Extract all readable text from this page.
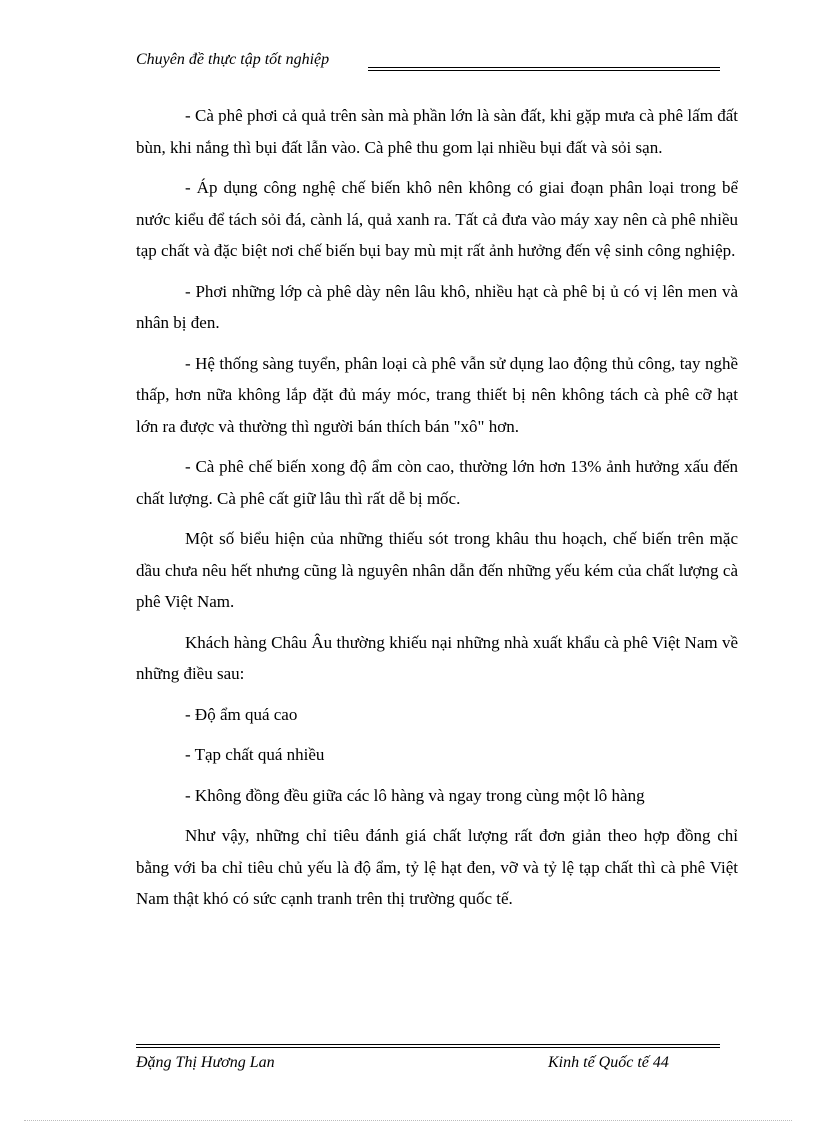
Chuyên đề thực tập tốt nghiệp

- Cà phê phơi cả quả trên sàn mà phần lớn là sàn đất, khi gặp mưa cà phê lấm đất bùn, khi nắng thì bụi đất lẫn vào. Cà phê thu gom lại nhiều bụi đất và sỏi sạn.

- Áp dụng công nghệ chế biến khô nên không có giai đoạn phân loại trong bể nước kiểu để tách sỏi đá, cành lá, quả xanh ra. Tất cả đưa vào máy xay nên cà phê nhiều tạp chất và đặc biệt nơi chế biến bụi bay mù mịt rất ảnh hưởng đến vệ sinh công nghiệp.

- Phơi những lớp cà phê dày nên lâu khô, nhiều hạt cà phê bị ủ có vị lên men và nhân bị đen.

- Hệ thống sàng tuyển, phân loại cà phê vẫn sử dụng lao động thủ công, tay nghề thấp, hơn nữa không lắp đặt đủ máy móc, trang thiết bị nên không tách cà phê cỡ hạt lớn ra được và thường thì người bán thích bán "xô" hơn.

- Cà phê chế biến xong độ ẩm còn cao, thường lớn hơn 13% ảnh hưởng xấu đến chất lượng. Cà phê cất giữ lâu thì rất dễ bị mốc.

Một số biểu hiện của những thiếu sót trong khâu thu hoạch, chế biến trên mặc dầu chưa nêu hết nhưng cũng là nguyên nhân dẫn đến những yếu kém của chất lượng cà phê Việt Nam.

Khách hàng Châu Âu thường khiếu nại những nhà xuất khẩu cà phê Việt Nam về những điều sau:

- Độ ẩm quá cao

- Tạp chất quá nhiều

- Không đồng đều giữa các lô hàng và ngay trong cùng một lô hàng

Như vậy, những chỉ tiêu đánh giá chất lượng rất đơn giản theo hợp đồng chỉ bằng với ba chỉ tiêu chủ yếu là độ ẩm, tỷ lệ hạt đen, vỡ và tỷ lệ tạp chất thì cà phê Việt Nam thật khó có sức cạnh tranh trên thị trường quốc tế.

Đặng Thị Hương Lan	Kinh tế Quốc tế 44
